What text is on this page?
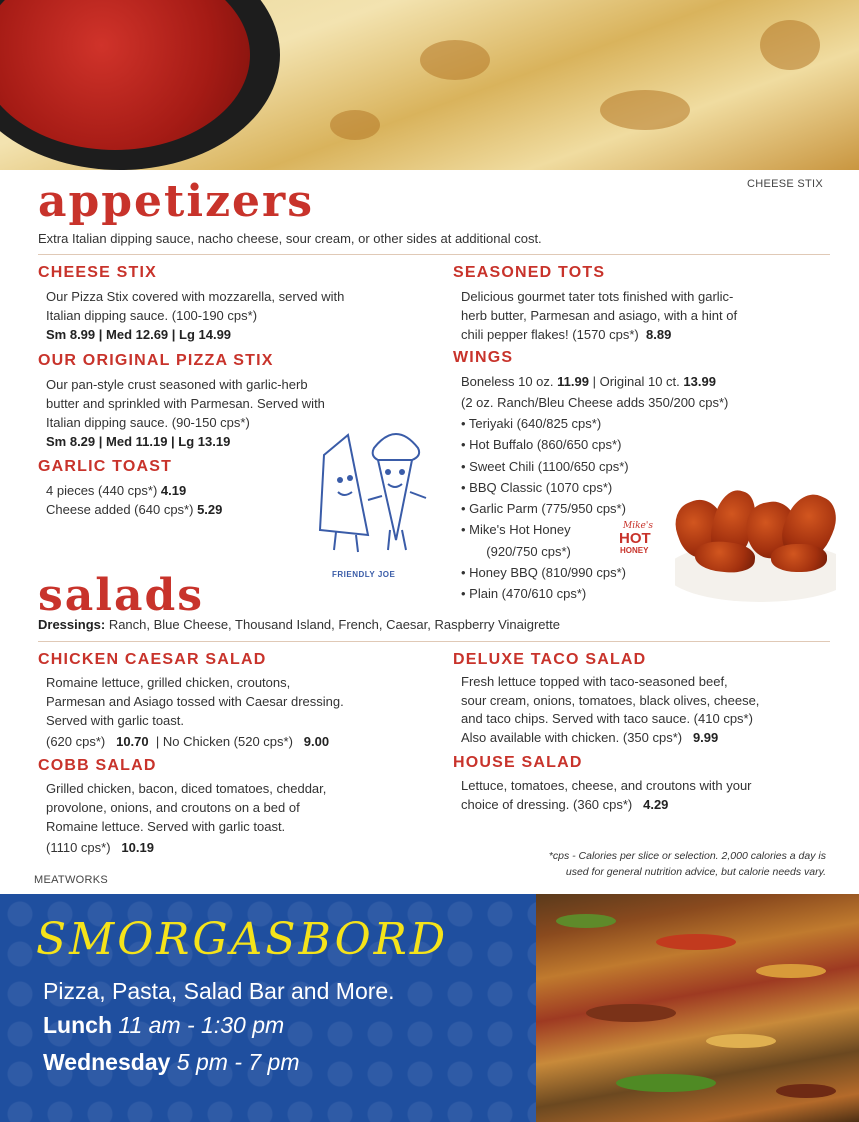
CHEESE STIX
appetizers
Extra Italian dipping sauce, nacho cheese, sour cream, or other sides at additional cost.
CHEESE STIX
Our Pizza Stix covered with mozzarella, served with
Italian dipping sauce. (100-190 cps*)
Sm 8.99 | Med 12.69 | Lg 14.99
OUR ORIGINAL PIZZA STIX
Our pan-style crust seasoned with garlic-herb
butter and sprinkled with Parmesan. Served with
Italian dipping sauce. (90-150 cps*)
Sm 8.29 | Med 11.19 | Lg 13.19
GARLIC TOAST
4 pieces (440 cps*) 4.19
Cheese added (640 cps*) 5.29
FRIENDLY JOE
SEASONED TOTS
Delicious gourmet tater tots finished with garlic-
herb butter, Parmesan and asiago, with a hint of
chili pepper flakes! (1570 cps*) 8.89
WINGS
Boneless 10 oz. 11.99 | Original 10 ct. 13.99
(2 oz. Ranch/Bleu Cheese adds 350/200 cps*)
• Teriyaki (640/825 cps*)
• Hot Buffalo (860/650 cps*)
• Sweet Chili (1100/650 cps*)
• BBQ Classic (1070 cps*)
• Garlic Parm (775/950 cps*)
• Mike's Hot Honey
(920/750 cps*)
• Honey BBQ (810/990 cps*)
• Plain (470/610 cps*)
Mike's
HOT
HONEY
salads
Dressings: Ranch, Blue Cheese, Thousand Island, French, Caesar, Raspberry Vinaigrette
CHICKEN CAESAR SALAD
Romaine lettuce, grilled chicken, croutons,
Parmesan and Asiago tossed with Caesar dressing.
Served with garlic toast.
(620 cps*) 10.70 | No Chicken (520 cps*) 9.00
COBB SALAD
Grilled chicken, bacon, diced tomatoes, cheddar,
provolone, onions, and croutons on a bed of
Romaine lettuce. Served with garlic toast.
(1110 cps*) 10.19
DELUXE TACO SALAD
Fresh lettuce topped with taco-seasoned beef,
sour cream, onions, tomatoes, black olives, cheese,
and taco chips. Served with taco sauce. (410 cps*)
Also available with chicken. (350 cps*) 9.99
HOUSE SALAD
Lettuce, tomatoes, cheese, and croutons with your
choice of dressing. (360 cps*) 4.29
*cps - Calories per slice or selection. 2,000 calories a day is
used for general nutrition advice, but calorie needs vary.
MEATWORKS
SMORGASBORD
Pizza, Pasta, Salad Bar and More.
Lunch 11 am - 1:30 pm
Wednesday 5 pm - 7 pm
